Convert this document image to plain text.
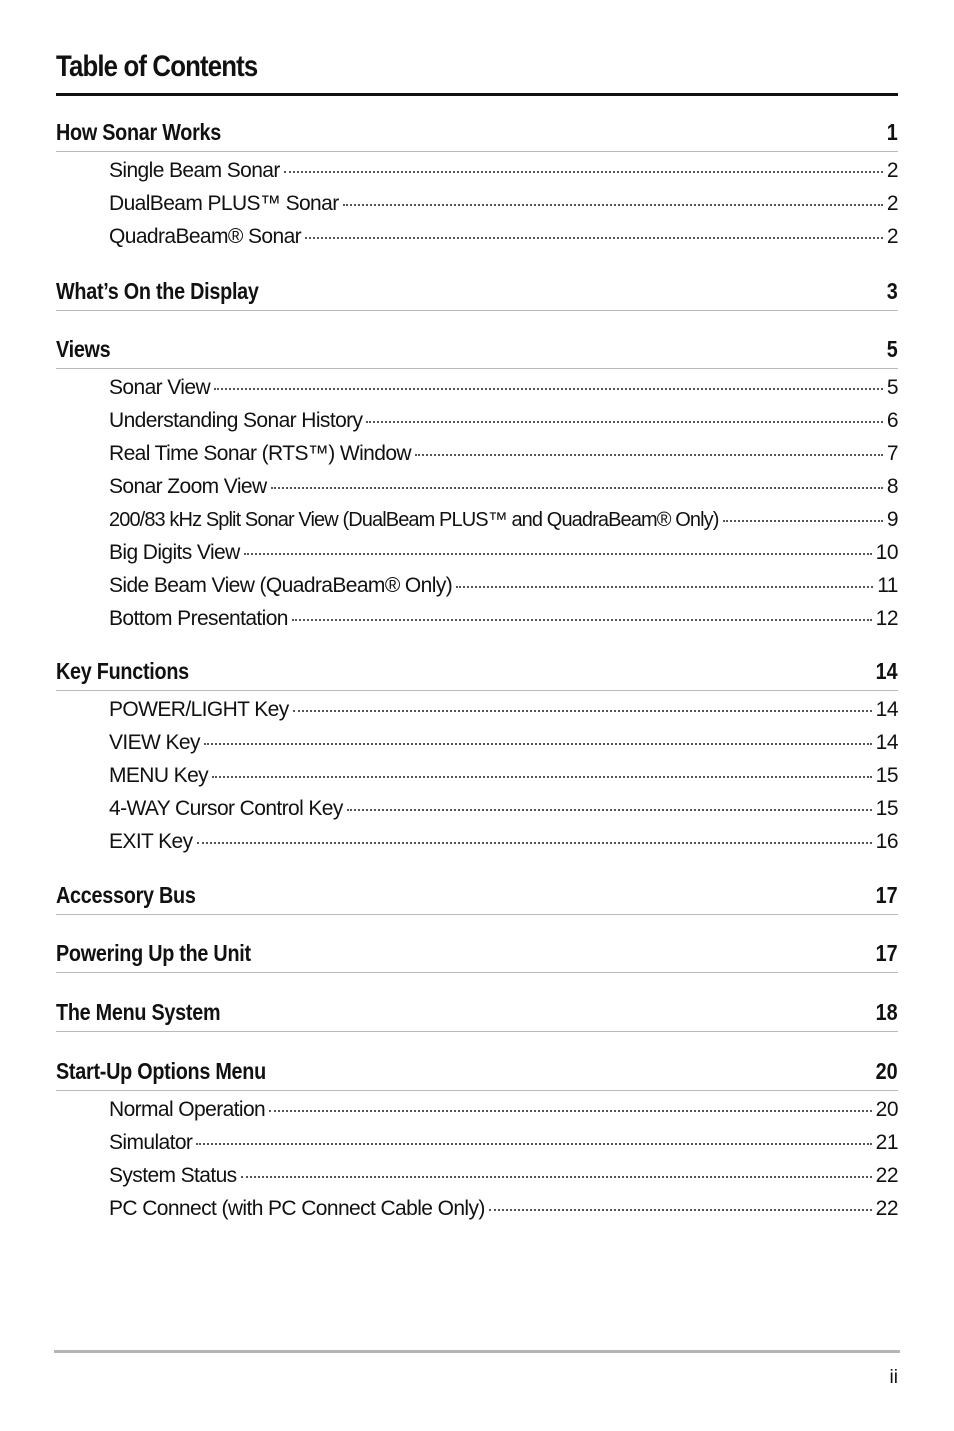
Table of Contents
How Sonar Works	1
Single Beam Sonar	2
DualBeam PLUS™ Sonar	2
QuadraBeam® Sonar	2
What’s On the Display	3
Views	5
Sonar View	5
Understanding Sonar History	6
Real Time Sonar (RTS™) Window	7
Sonar Zoom View	8
200/83 kHz Split Sonar View (DualBeam PLUS™ and QuadraBeam® Only)	9
Big Digits View	10
Side Beam View (QuadraBeam® Only)	11
Bottom Presentation	12
Key Functions	14
POWER/LIGHT Key	14
VIEW Key	14
MENU Key	15
4-WAY Cursor Control Key	15
EXIT Key	16
Accessory Bus	17
Powering Up the Unit	17
The Menu System	18
Start-Up Options Menu	20
Normal Operation	20
Simulator	21
System Status	22
PC Connect (with PC Connect Cable Only)	22
ii
